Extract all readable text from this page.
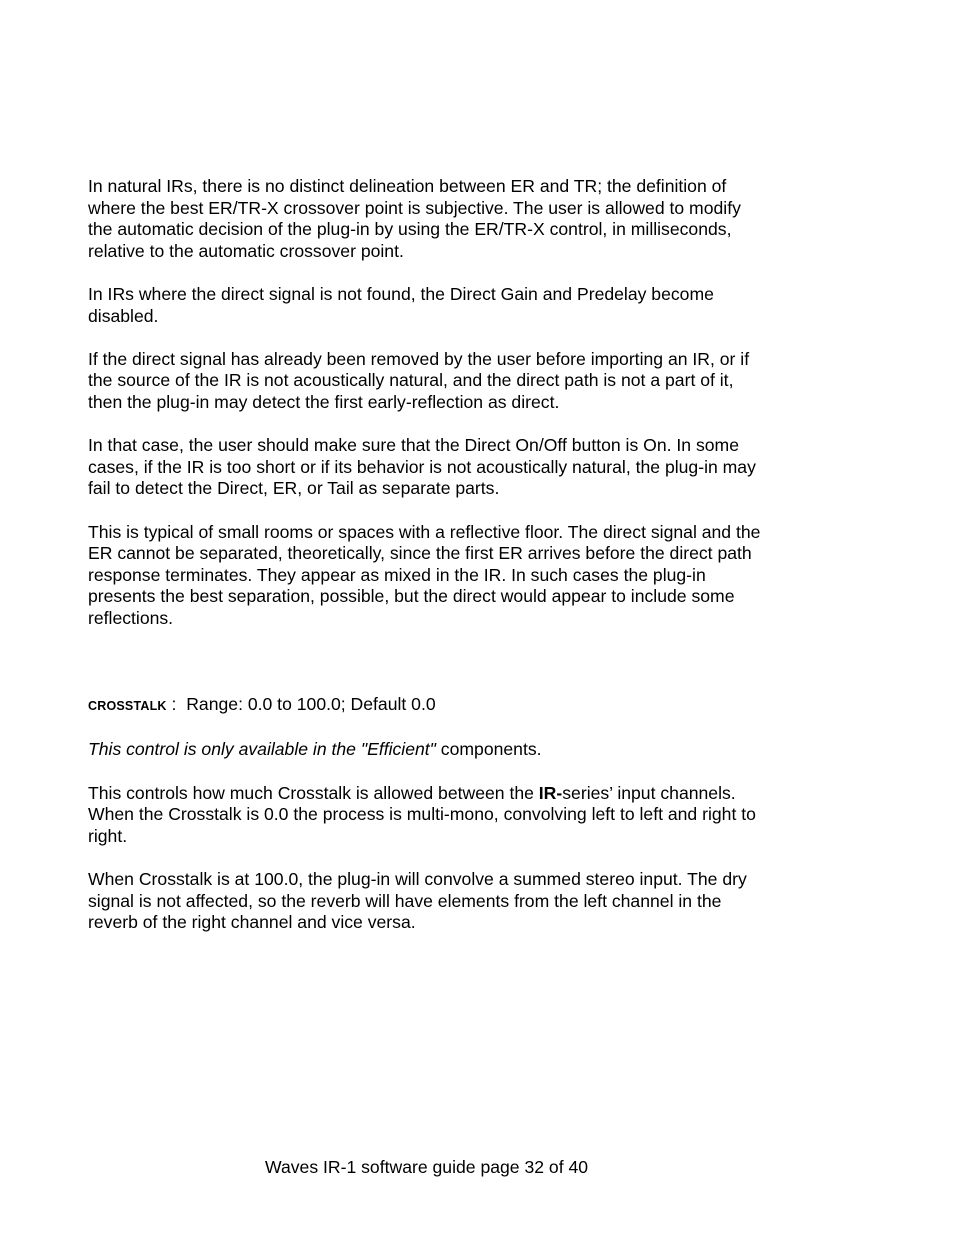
In natural IRs, there is no distinct delineation between ER and TR; the definition of
where the best ER/TR-X crossover point is subjective. The user is allowed to modify
the automatic decision of the plug-in by using the ER/TR-X control, in milliseconds,
relative to the automatic crossover point.

In IRs where the direct signal is not found, the Direct Gain and Predelay become
disabled.

If the direct signal has already been removed by the user before importing an IR, or if
the source of the IR is not acoustically natural, and the direct path is not a part of it,
then the plug-in may detect the first early-reflection as direct.

In that case, the user should make sure that the Direct On/Off button is On. In some
cases, if the IR is too short or if its behavior is not acoustically natural, the plug-in may
fail to detect the Direct, ER, or Tail as separate parts.

This is typical of small rooms or spaces with a reflective floor. The direct signal and the
ER cannot be separated, theoretically, since the first ER arrives before the direct path
response terminates. They appear as mixed in the IR. In such cases the plug-in
presents the best separation, possible, but the direct would appear to include some
reflections.

CROSSTALK :  Range: 0.0 to 100.0; Default 0.0

This control is only available in the "Efficient" components.

This controls how much Crosstalk is allowed between the IR-series’ input channels.
When the Crosstalk is 0.0 the process is multi-mono, convolving left to left and right to
right.

When Crosstalk is at 100.0, the plug-in will convolve a summed stereo input. The dry
signal is not affected, so the reverb will have elements from the left channel in the
reverb of the right channel and vice versa.

Waves IR-1 software guide page 32 of 40
